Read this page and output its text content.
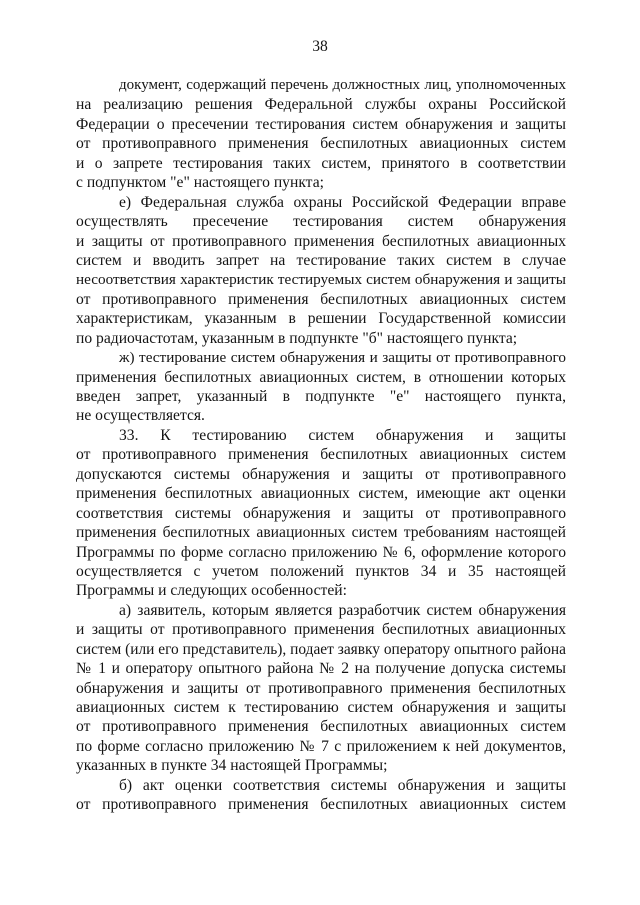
38
документ, содержащий перечень должностных лиц, уполномоченных
на реализацию решения Федеральной службы охраны Российской
Федерации о пресечении тестирования систем обнаружения и защиты
от противоправного применения беспилотных авиационных систем
и о запрете тестирования таких систем, принятого в соответствии
с подпунктом "е" настоящего пункта;
е) Федеральная служба охраны Российской Федерации вправе
осуществлять пресечение тестирования систем обнаружения
и защиты от противоправного применения беспилотных авиационных
систем и вводить запрет на тестирование таких систем в случае
несоответствия характеристик тестируемых систем обнаружения и защиты
от противоправного применения беспилотных авиационных систем
характеристикам, указанным в решении Государственной комиссии
по радиочастотам, указанным в подпункте "б" настоящего пункта;
ж) тестирование систем обнаружения и защиты от противоправного
применения беспилотных авиационных систем, в отношении которых
введен запрет, указанный в подпункте "е" настоящего пункта,
не осуществляется.
33. К тестированию систем обнаружения и защиты
от противоправного применения беспилотных авиационных систем
допускаются системы обнаружения и защиты от противоправного
применения беспилотных авиационных систем, имеющие акт оценки
соответствия системы обнаружения и защиты от противоправного
применения беспилотных авиационных систем требованиям настоящей
Программы по форме согласно приложению № 6, оформление которого
осуществляется с учетом положений пунктов 34 и 35 настоящей
Программы и следующих особенностей:
а) заявитель, которым является разработчик систем обнаружения
и защиты от противоправного применения беспилотных авиационных
систем (или его представитель), подает заявку оператору опытного района
№ 1 и оператору опытного района № 2 на получение допуска системы
обнаружения и защиты от противоправного применения беспилотных
авиационных систем к тестированию систем обнаружения и защиты
от противоправного применения беспилотных авиационных систем
по форме согласно приложению № 7 с приложением к ней документов,
указанных в пункте 34 настоящей Программы;
б) акт оценки соответствия системы обнаружения и защиты
от противоправного применения беспилотных авиационных систем
